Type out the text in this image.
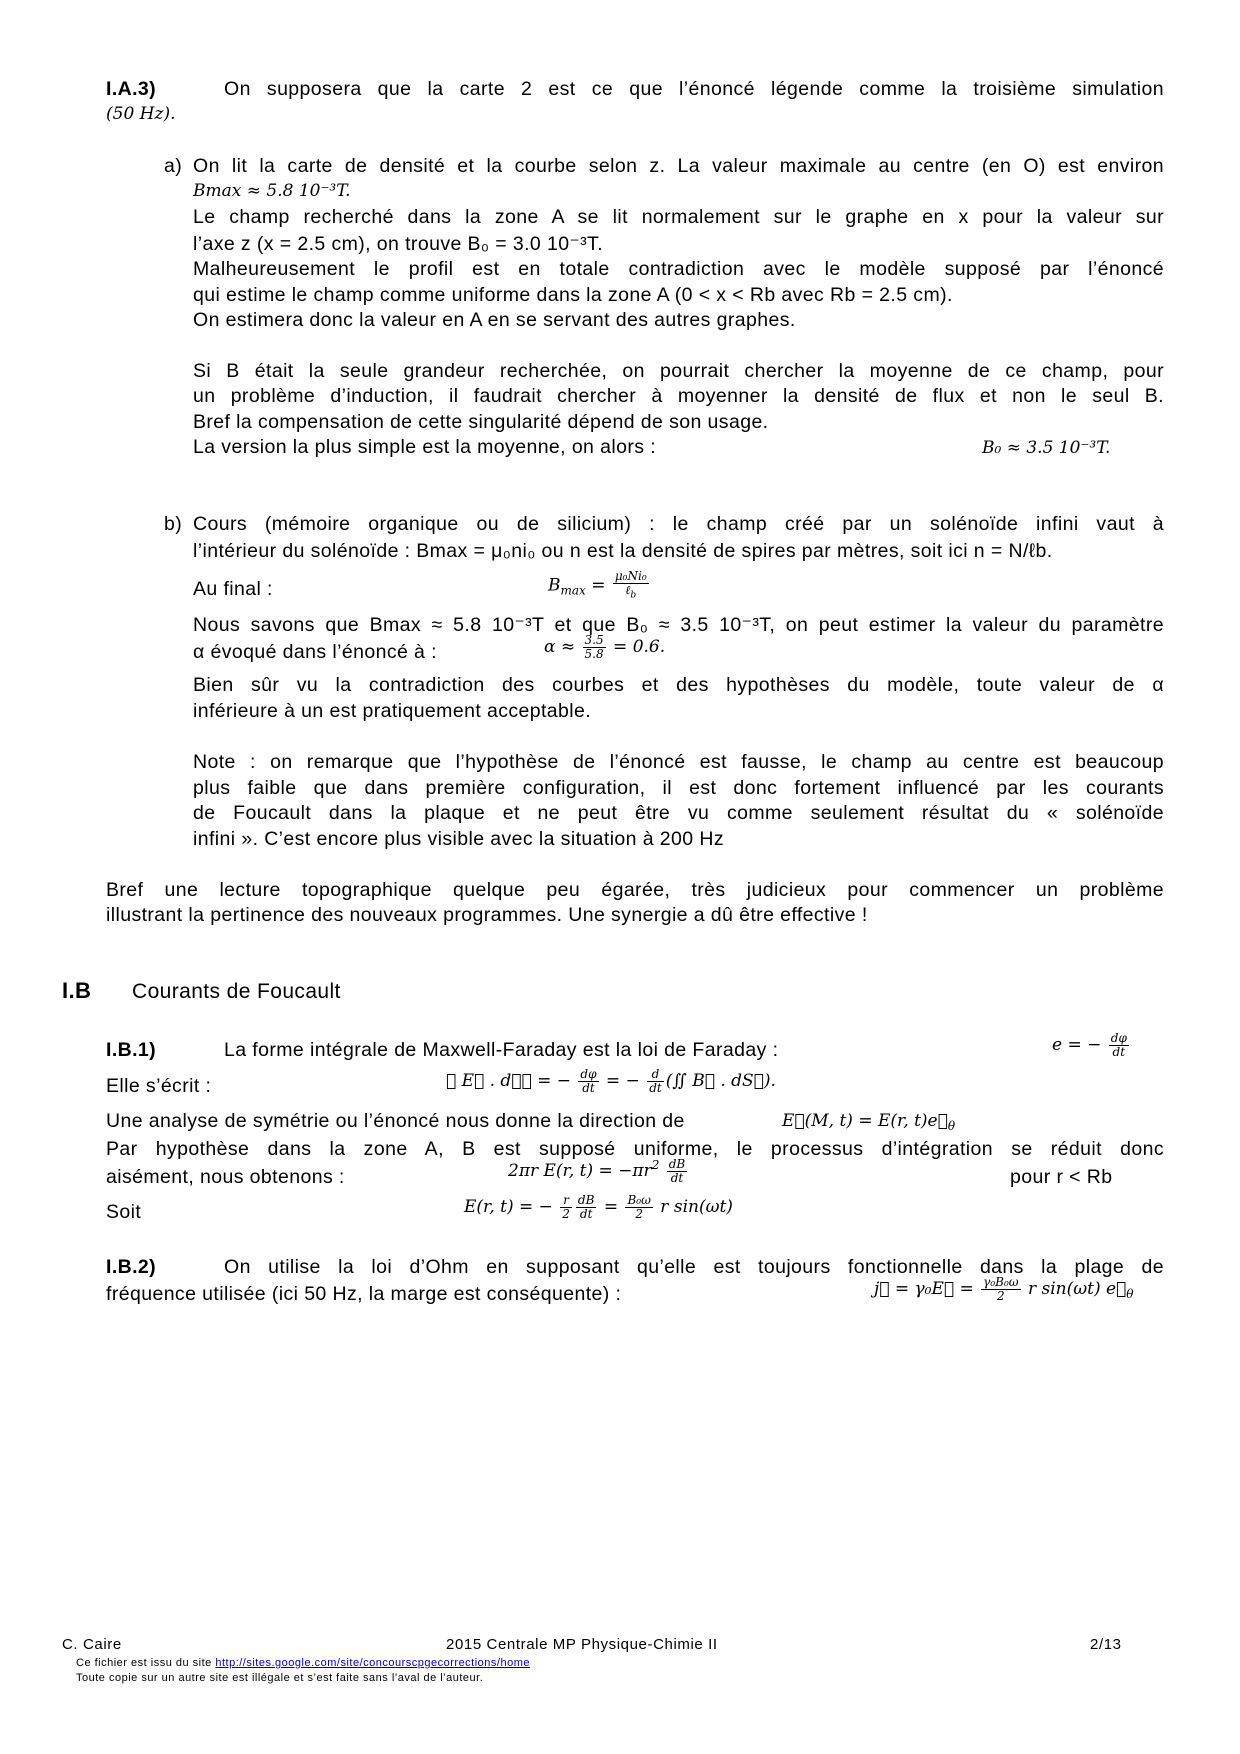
I.A.3)	On supposera que la carte 2 est ce que l’énoncé légende comme la troisième simulation
(50 Hz).
a) On lit la carte de densité et la courbe selon z. La valeur maximale au centre (en O) est environ
Bmax ≈ 5.8 10⁻³T.
Le champ recherché dans la zone A se lit normalement sur le graphe en x pour la valeur sur
l’axe z (x = 2.5 cm), on trouve B₀ = 3.0 10⁻³T.
Malheureusement le profil est en totale contradiction avec le modèle supposé par l’énoncé
qui estime le champ comme uniforme dans la zone A (0 < x < Rb avec Rb = 2.5 cm).
On estimera donc la valeur en A en se servant des autres graphes.
Si B était la seule grandeur recherchée, on pourrait chercher la moyenne de ce champ, pour
un problème d’induction, il faudrait chercher à moyenner la densité de flux et non le seul B.
Bref la compensation de cette singularité dépend de son usage.
La version la plus simple est la moyenne, on alors :	B₀ ≈ 3.5 10⁻³T.
b) Cours (mémoire organique ou de silicium) : le champ créé par un solénoïde infini vaut à
l’intérieur du solénoïde : Bmax = μ₀ni₀ ou n est la densité de spires par mètres, soit ici n = N/ℓb.
Au final :	$B_{max} = \frac{\text{μ₀Ni₀}}{\ell_b}$
Nous savons que Bmax ≈ 5.8 10⁻³T et que B₀ ≈ 3.5 10⁻³T, on peut estimer la valeur du paramètre
α évoqué dans l’énoncé à :	$\alpha \approx \frac{3.5}{5.8} = 0.6$.
Bien sûr vu la contradiction des courbes et des hypothèses du modèle, toute valeur de α
inférieure à un est pratiquement acceptable.
Note : on remarque que l’hypothèse de l’énoncé est fausse, le champ au centre est beaucoup
plus faible que dans première configuration, il est donc fortement influencé par les courants
de Foucault dans la plaque et ne peut être vu comme seulement résultat du « solénoïde
infini ». C’est encore plus visible avec la situation à 200 Hz
Bref une lecture topographique quelque peu égarée, très judicieux pour commencer un problème
illustrant la pertinence des nouveaux programmes. Une synergie a dû être effective !
I.B Courants de Foucault
I.B.1)	La forme intégrale de Maxwell-Faraday est la loi de Faraday :	e = − $\frac{d\varphi}{dt}$
Elle s’écrit :	∮ E⃗ . dℓ⃗ = − $\frac{d\varphi}{dt}$ = − $\frac{d}{dt}$ (∬ B⃗ . dS⃗).
Une analyse de symétrie ou l’énoncé nous donne la direction de	E⃗(M, t) = E(r, $t)e⃗_\theta$
Par hypothèse dans la zone A, B est supposé uniforme, le processus d’intégration se réduit donc
aisément, nous obtenons :	2πr E(r, $t) = -\pi r^2 \frac{dB}{dt}$	pour r < Rb
Soit	E(r, t) = − $\frac{r}{2} \frac{dB}{dt} = \frac{\text{B₀ω}}{2}$ r sin(ωt)
I.B.2)	On utilise la loi d’Ohm en supposant qu’elle est toujours fonctionnelle dans la plage de
fréquence utilisée (ici 50 Hz, la marge est conséquente) :	j⃗ = γ₀E⃗ = $\frac{\text{γ₀B₀ω}}{2}$ r sin(ωt) $e⃗_\theta$
C. Caire	2015 Centrale MP Physique-Chimie II	2/13
Ce fichier est issu du site http://sites.google.com/site/concourscpgecorrections/home
Toute copie sur un autre site est illégale et s’est faite sans l’aval de l’auteur.
